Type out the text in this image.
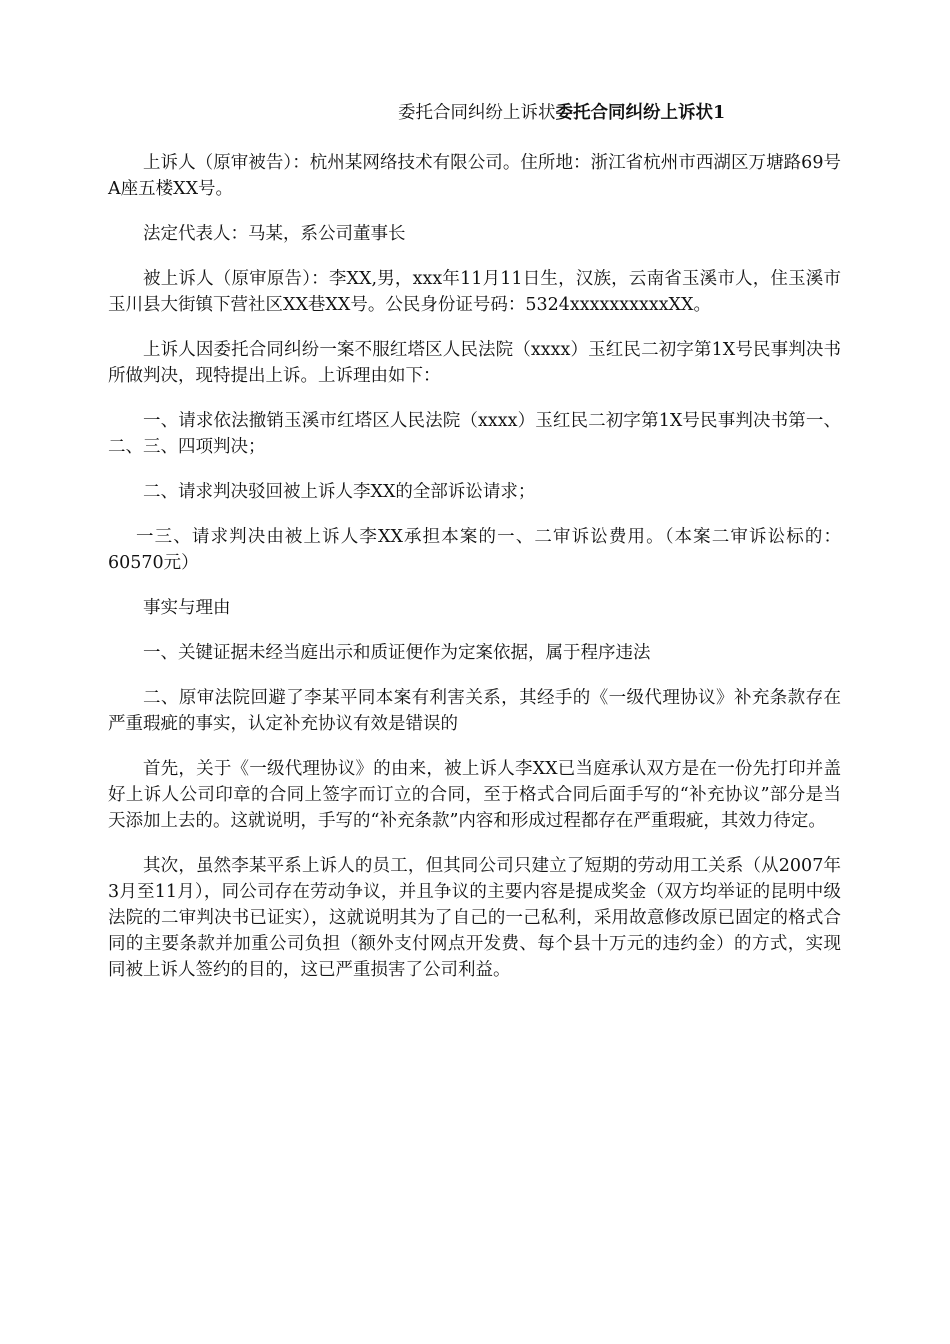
委托合同纠纷上诉状委托合同纠纷上诉状1

上诉人（原审被告）：杭州某网络技术有限公司。住所地：浙江省杭州市西湖区万塘路69号A座五楼XX号。

法定代表人：马某，系公司董事长

被上诉人（原审原告）：李XX,男，xxx年11月11日生，汉族，云南省玉溪市人，住玉溪市玉川县大街镇下营社区XX巷XX号。公民身份证号码：5324xxxxxxxxxxXX。

上诉人因委托合同纠纷一案不服红塔区人民法院（xxxx）玉红民二初字第1X号民事判决书所做判决，现特提出上诉。上诉理由如下：

一、请求依法撤销玉溪市红塔区人民法院（xxxx）玉红民二初字第1X号民事判决书第一、二、三、四项判决；

二、请求判决驳回被上诉人李XX的全部诉讼请求；

一三、请求判决由被上诉人李XX承担本案的一、二审诉讼费用。（本案二审诉讼标的：60570元）

事实与理由

一、关键证据未经当庭出示和质证便作为定案依据，属于程序违法

二、原审法院回避了李某平同本案有利害关系，其经手的《一级代理协议》补充条款存在严重瑕疵的事实，认定补充协议有效是错误的

首先，关于《一级代理协议》的由来，被上诉人李XX已当庭承认双方是在一份先打印并盖好上诉人公司印章的合同上签字而订立的合同，至于格式合同后面手写的“补充协议”部分是当天添加上去的。这就说明，手写的“补充条款”内容和形成过程都存在严重瑕疵，其效力待定。

其次，虽然李某平系上诉人的员工，但其同公司只建立了短期的劳动用工关系（从2007年3月至11月），同公司存在劳动争议，并且争议的主要内容是提成奖金（双方均举证的昆明中级法院的二审判决书已证实），这就说明其为了自己的一己私利，采用故意修改原已固定的格式合同的主要条款并加重公司负担（额外支付网点开发费、每个县十万元的违约金）的方式，实现同被上诉人签约的目的，这已严重损害了公司利益。
